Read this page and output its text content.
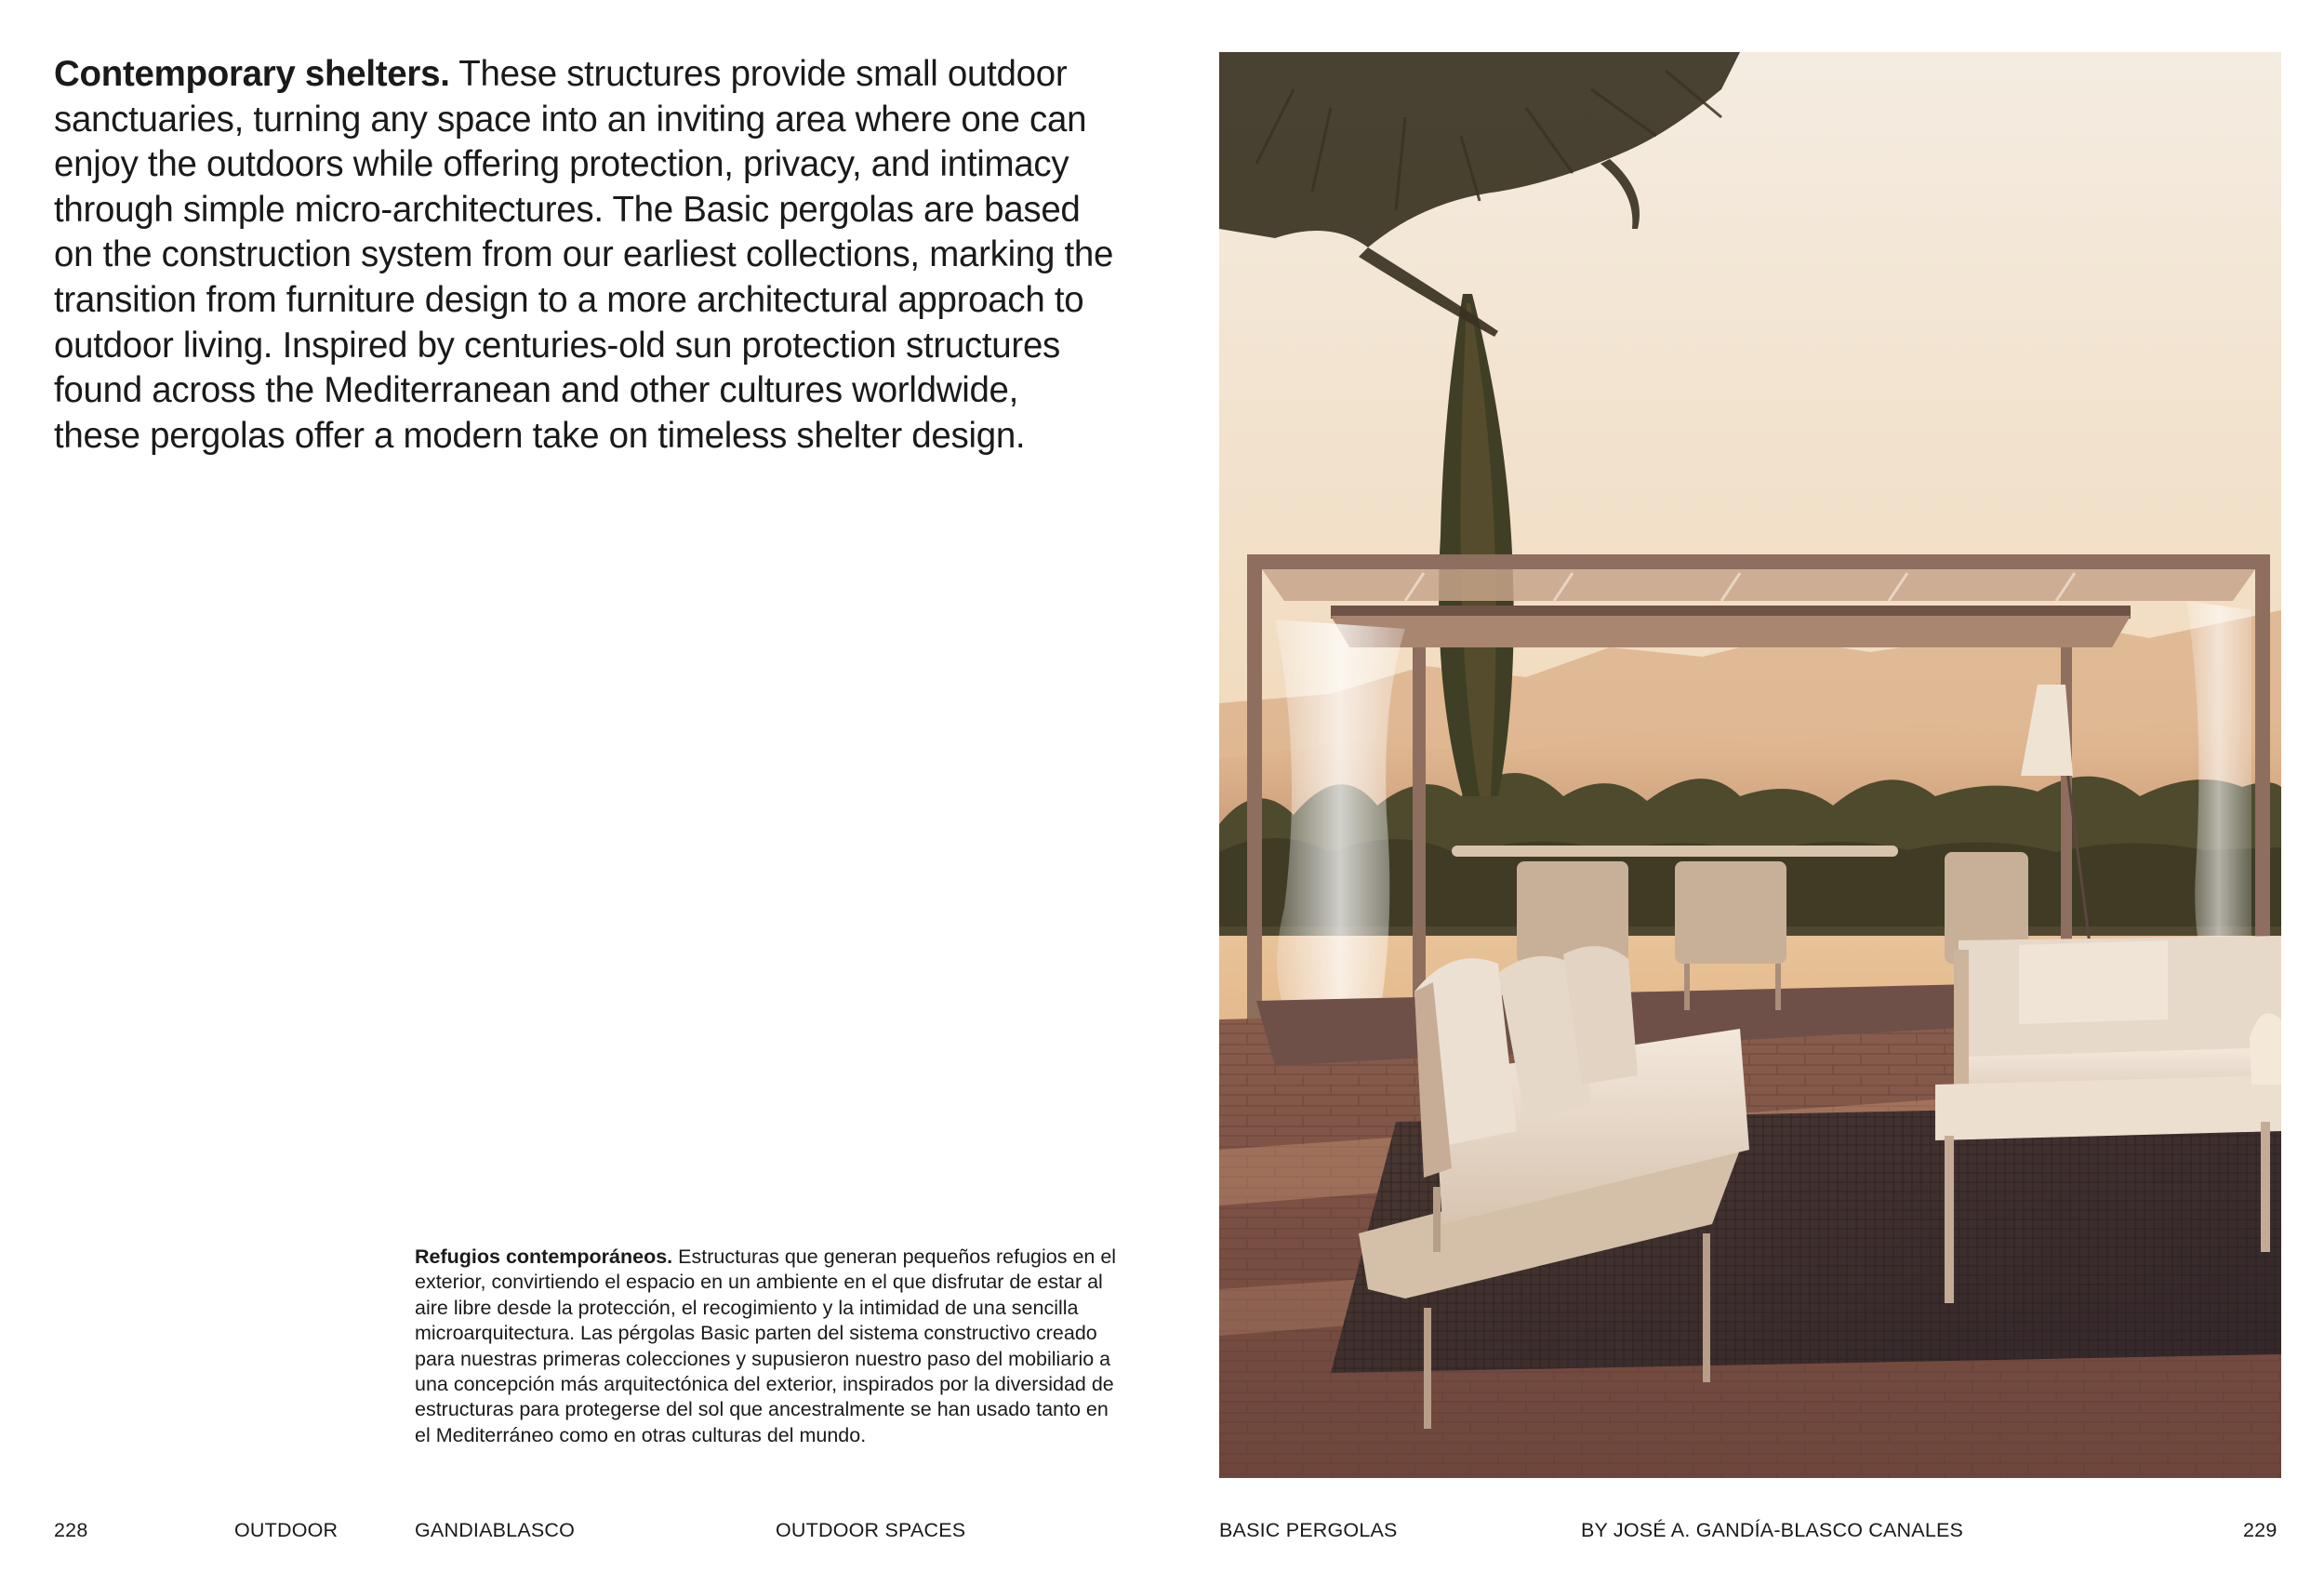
Contemporary shelters. These structures provide small outdoor sanctuaries, turning any space into an inviting area where one can enjoy the outdoors while offering protection, privacy, and intimacy through simple micro-architectures. The Basic pergolas are based on the construction system from our earliest collections, marking the transition from furniture design to a more architectural approach to outdoor living. Inspired by centuries-old sun protection structures found across the Mediterranean and other cultures worldwide, these pergolas offer a modern take on timeless shelter design.

Refugios contemporáneos. Estructuras que generan pequeños refugios en el exterior, convirtiendo el espacio en un ambiente en el que disfrutar de estar al aire libre desde la protección, el recogimiento y la intimidad de una sencilla microarquitectura. Las pérgolas Basic parten del sistema constructivo creado para nuestras primeras colecciones y supusieron nuestro paso del mobiliario a una concepción más arquitectónica del exterior, inspirados por la diversidad de estructuras para protegerse del sol que ancestralmente se han usado tanto en el Mediterráneo como en otras culturas del mundo.

228	OUTDOOR	GANDIABLASCO	OUTDOOR SPACES	BASIC PERGOLAS	BY JOSÉ A. GANDÍA-BLASCO CANALES	229
